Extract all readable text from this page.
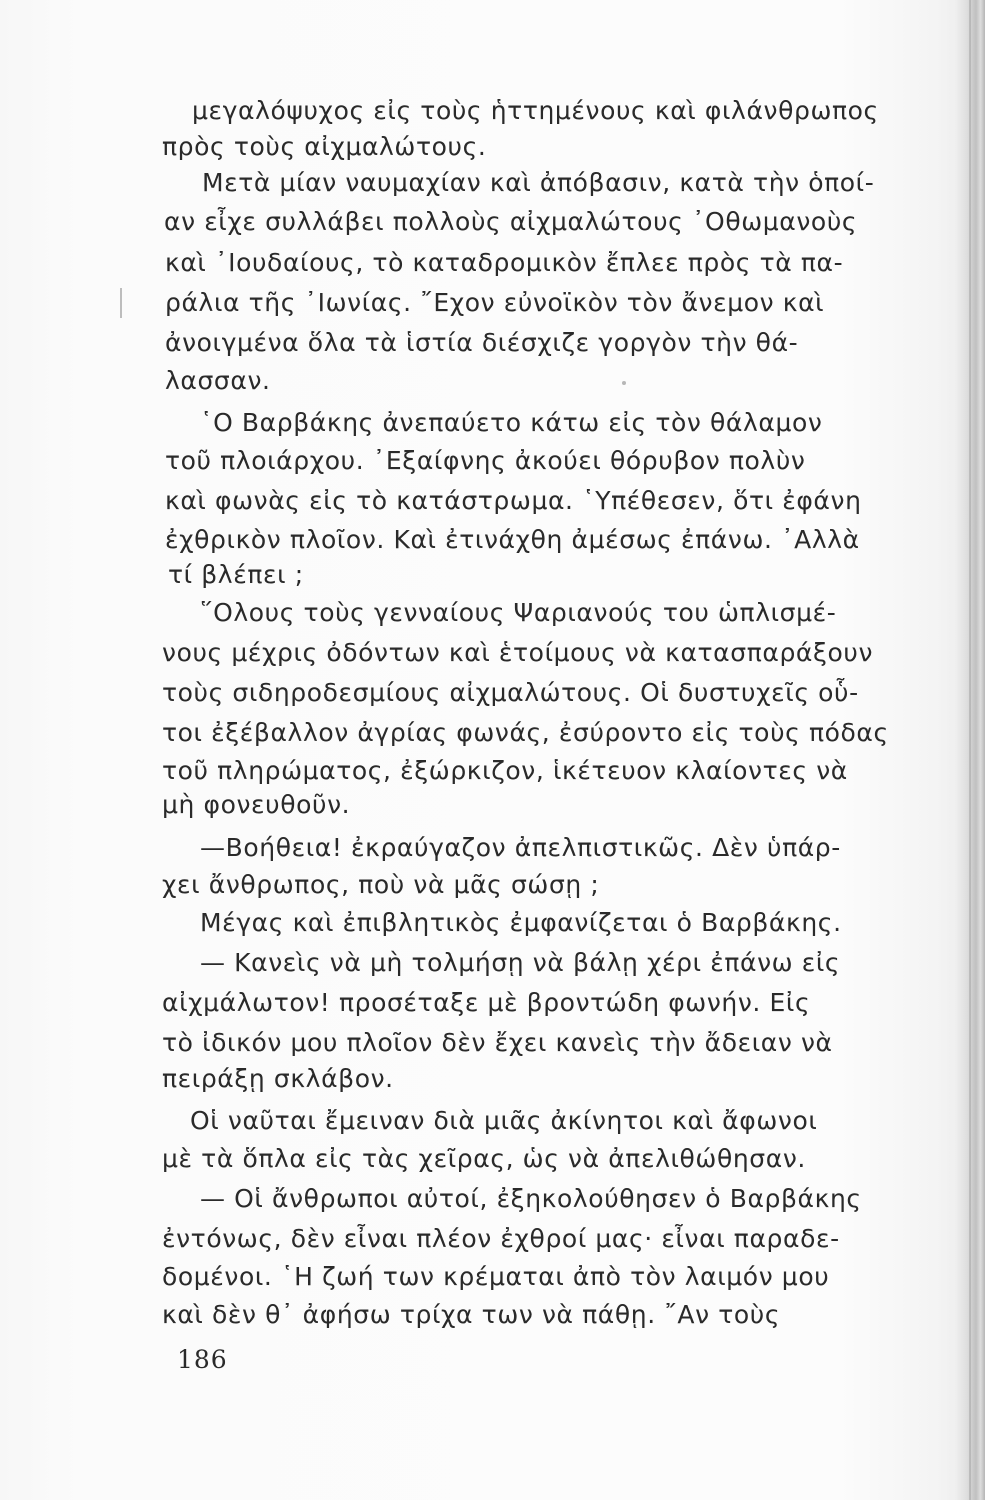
μεγαλόψυχος εἰς τοὺς ἡττημένους καὶ φιλάνθρωπος
πρὸς τοὺς αἰχμαλώτους.
Μετὰ μίαν ναυμαχίαν καὶ ἀπόβασιν, κατὰ τὴν ὁποί-
αν εἶχε συλλάβει πολλοὺς αἰχμαλώτους ᾿Οθωμανοὺς
καὶ ᾿Ιουδαίους, τὸ καταδρομικὸν ἔπλεε πρὸς τὰ πα-
ράλια τῆς ᾿Ιωνίας. ῎Εχον εὐνοϊκὸν τὸν ἄνεμον καὶ
ἀνοιγμένα ὅλα τὰ ἱστία διέσχιζε γοργὸν τὴν θά-
λασσαν.
῾Ο Βαρβάκης ἀνεπαύετο κάτω εἰς τὸν θάλαμον
τοῦ πλοιάρχου. ᾿Εξαίφνης ἀκούει θόρυβον πολὺν
καὶ φωνὰς εἰς τὸ κατάστρωμα. ῾Υπέθεσεν, ὅτι ἐφάνη
ἐχθρικὸν πλοῖον. Καὶ ἐτινάχθη ἀμέσως ἐπάνω. ᾿Αλλὰ
τί βλέπει ;
῞Ολους τοὺς γενναίους Ψαριανούς του ὡπλισμέ-
νους μέχρις ὀδόντων καὶ ἑτοίμους νὰ κατασπαράξουν
τοὺς σιδηροδεσμίους αἰχμαλώτους. Οἱ δυστυχεῖς οὗ-
τοι ἐξέβαλλον ἀγρίας φωνάς, ἐσύροντο εἰς τοὺς πόδας
τοῦ πληρώματος, ἐξώρκιζον, ἱκέτευον κλαίοντες νὰ
μὴ φονευθοῦν.
—Βοήθεια! ἐκραύγαζον ἀπελπιστικῶς. Δὲν ὑπάρ-
χει ἄνθρωπος, ποὺ νὰ μᾶς σώσῃ ;
Μέγας καὶ ἐπιβλητικὸς ἐμφανίζεται ὁ Βαρβάκης.
— Κανεὶς νὰ μὴ τολμήσῃ νὰ βάλῃ χέρι ἐπάνω εἰς
αἰχμάλωτον! προσέταξε μὲ βροντώδη φωνήν. Εἰς
τὸ ἰδικόν μου πλοῖον δὲν ἔχει κανεὶς τὴν ἄδειαν νὰ
πειράξῃ σκλάβον.
Οἱ ναῦται ἔμειναν διὰ μιᾶς ἀκίνητοι καὶ ἄφωνοι
μὲ τὰ ὅπλα εἰς τὰς χεῖρας, ὡς νὰ ἀπελιθώθησαν.
— Οἱ ἄνθρωποι αὐτοί, ἐξηκολούθησεν ὁ Βαρβάκης
ἐντόνως, δὲν εἶναι πλέον ἐχθροί μας· εἶναι παραδε-
δομένοι. ῾Η ζωή των κρέμαται ἀπὸ τὸν λαιμόν μου
καὶ δὲν θ᾿ ἀφήσω τρίχα των νὰ πάθῃ. ῎Αν τοὺς
186
